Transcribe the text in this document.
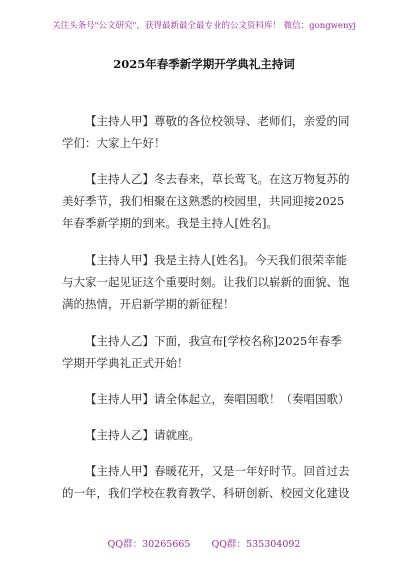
关注头条号"公文研究"，获得最新最全最专业的公文资料库！ 微信：gongwenyj
2025年春季新学期开学典礼主持词

【主持人甲】尊敬的各位校领导、老师们，亲爱的同学们：大家上午好！

【主持人乙】冬去春来，草长莺飞。在这万物复苏的美好季节，我们相聚在这熟悉的校园里，共同迎接2025年春季新学期的到来。我是主持人[姓名]。

【主持人甲】我是主持人[姓名]。今天我们很荣幸能与大家一起见证这个重要时刻。让我们以崭新的面貌、饱满的热情，开启新学期的新征程！

【主持人乙】下面，我宣布[学校名称]2025年春季学期开学典礼正式开始！

【主持人甲】请全体起立，奏唱国歌！（奏唱国歌）

【主持人乙】请就座。

【主持人甲】春暖花开，又是一年好时节。回首过去的一年，我们学校在教育教学、科研创新、校园文化建设

QQ群：30265665 QQ群：535304092
